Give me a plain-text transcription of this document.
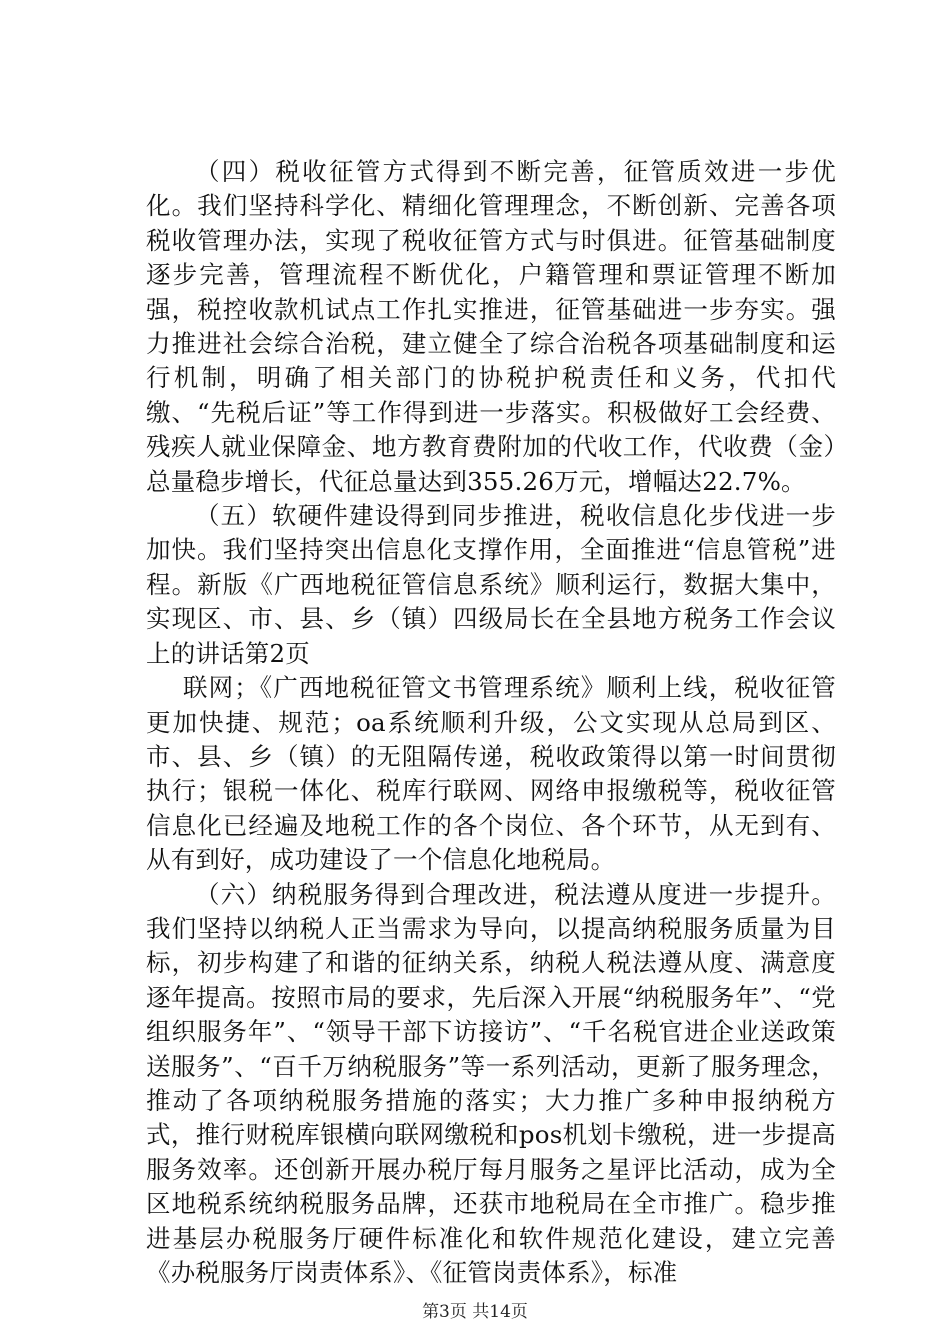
（四）税收征管方式得到不断完善，征管质效进一步优化。我们坚持科学化、精细化管理理念，不断创新、完善各项税收管理办法，实现了税收征管方式与时俱进。征管基础制度逐步完善，管理流程不断优化，户籍管理和票证管理不断加强，税控收款机试点工作扎实推进，征管基础进一步夯实。强力推进社会综合治税，建立健全了综合治税各项基础制度和运行机制，明确了相关部门的协税护税责任和义务，代扣代缴、“先税后证”等工作得到进一步落实。积极做好工会经费、残疾人就业保障金、地方教育费附加的代收工作，代收费（金）总量稳步增长，代征总量达到355.26万元，增幅达22.7%。

（五）软硬件建设得到同步推进，税收信息化步伐进一步加快。我们坚持突出信息化支撑作用，全面推进“信息管税”进程。新版《广西地税征管信息系统》顺利运行，数据大集中，实现区、市、县、乡（镇）四级局长在全县地方税务工作会议上的讲话第2页

联网；《广西地税征管文书管理系统》顺利上线，税收征管更加快捷、规范；oa系统顺利升级，公文实现从总局到区、市、县、乡（镇）的无阻隔传递，税收政策得以第一时间贯彻执行；银税一体化、税库行联网、网络申报缴税等，税收征管信息化已经遍及地税工作的各个岗位、各个环节，从无到有、从有到好，成功建设了一个信息化地税局。

（六）纳税服务得到合理改进，税法遵从度进一步提升。我们坚持以纳税人正当需求为导向，以提高纳税服务质量为目标，初步构建了和谐的征纳关系，纳税人税法遵从度、满意度逐年提高。按照市局的要求，先后深入开展“纳税服务年”、“党组织服务年”、“领导干部下访接访”、“千名税官进企业送政策送服务”、“百千万纳税服务”等一系列活动，更新了服务理念，推动了各项纳税服务措施的落实；大力推广多种申报纳税方式，推行财税库银横向联网缴税和pos机划卡缴税，进一步提高服务效率。还创新开展办税厅每月服务之星评比活动，成为全区地税系统纳税服务品牌，还获市地税局在全市推广。稳步推进基层办税服务厅硬件标准化和软件规范化建设，建立完善《办税服务厅岗责体系》、《征管岗责体系》，标准

第3页 共14页
